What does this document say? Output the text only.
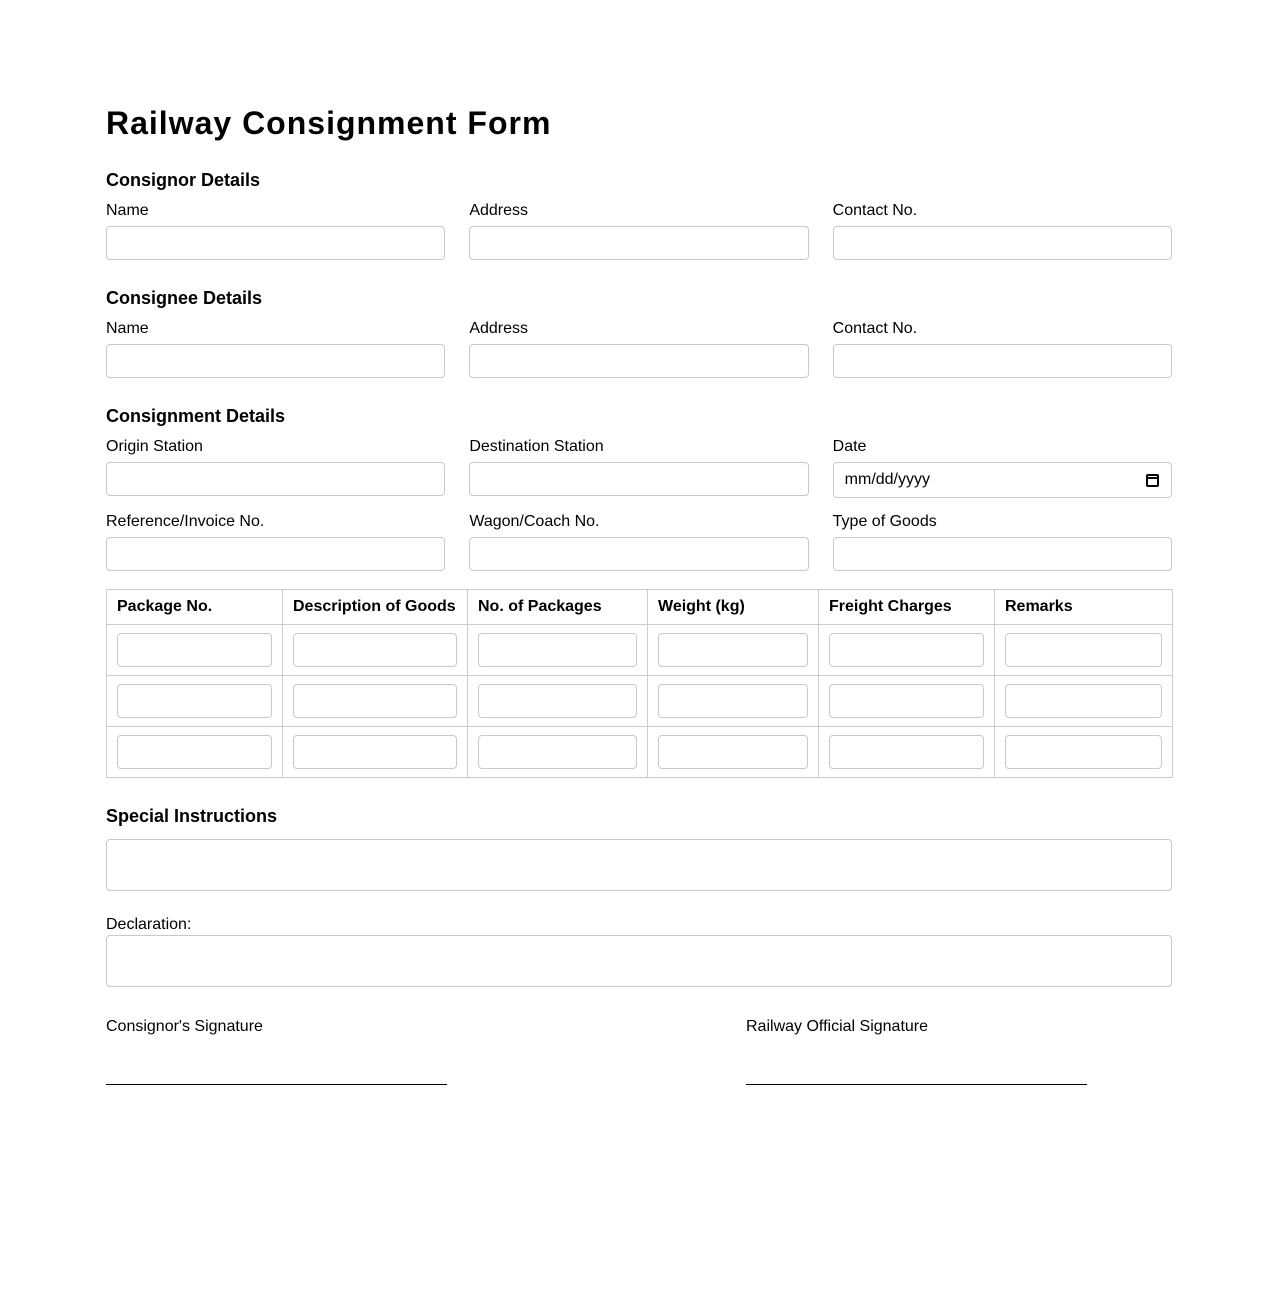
Railway Consignment Form
Consignor Details
Name	Address	Contact No.
Consignee Details
Name	Address	Contact No.
Consignment Details
Origin Station	Destination Station	Date
mm/dd/yyyy
Reference/Invoice No.	Wagon/Coach No.	Type of Goods
Package No.	Description of Goods	No. of Packages	Weight (kg)	Freight Charges	Remarks

Special Instructions
Declaration:
Consignor's Signature	Railway Official Signature
